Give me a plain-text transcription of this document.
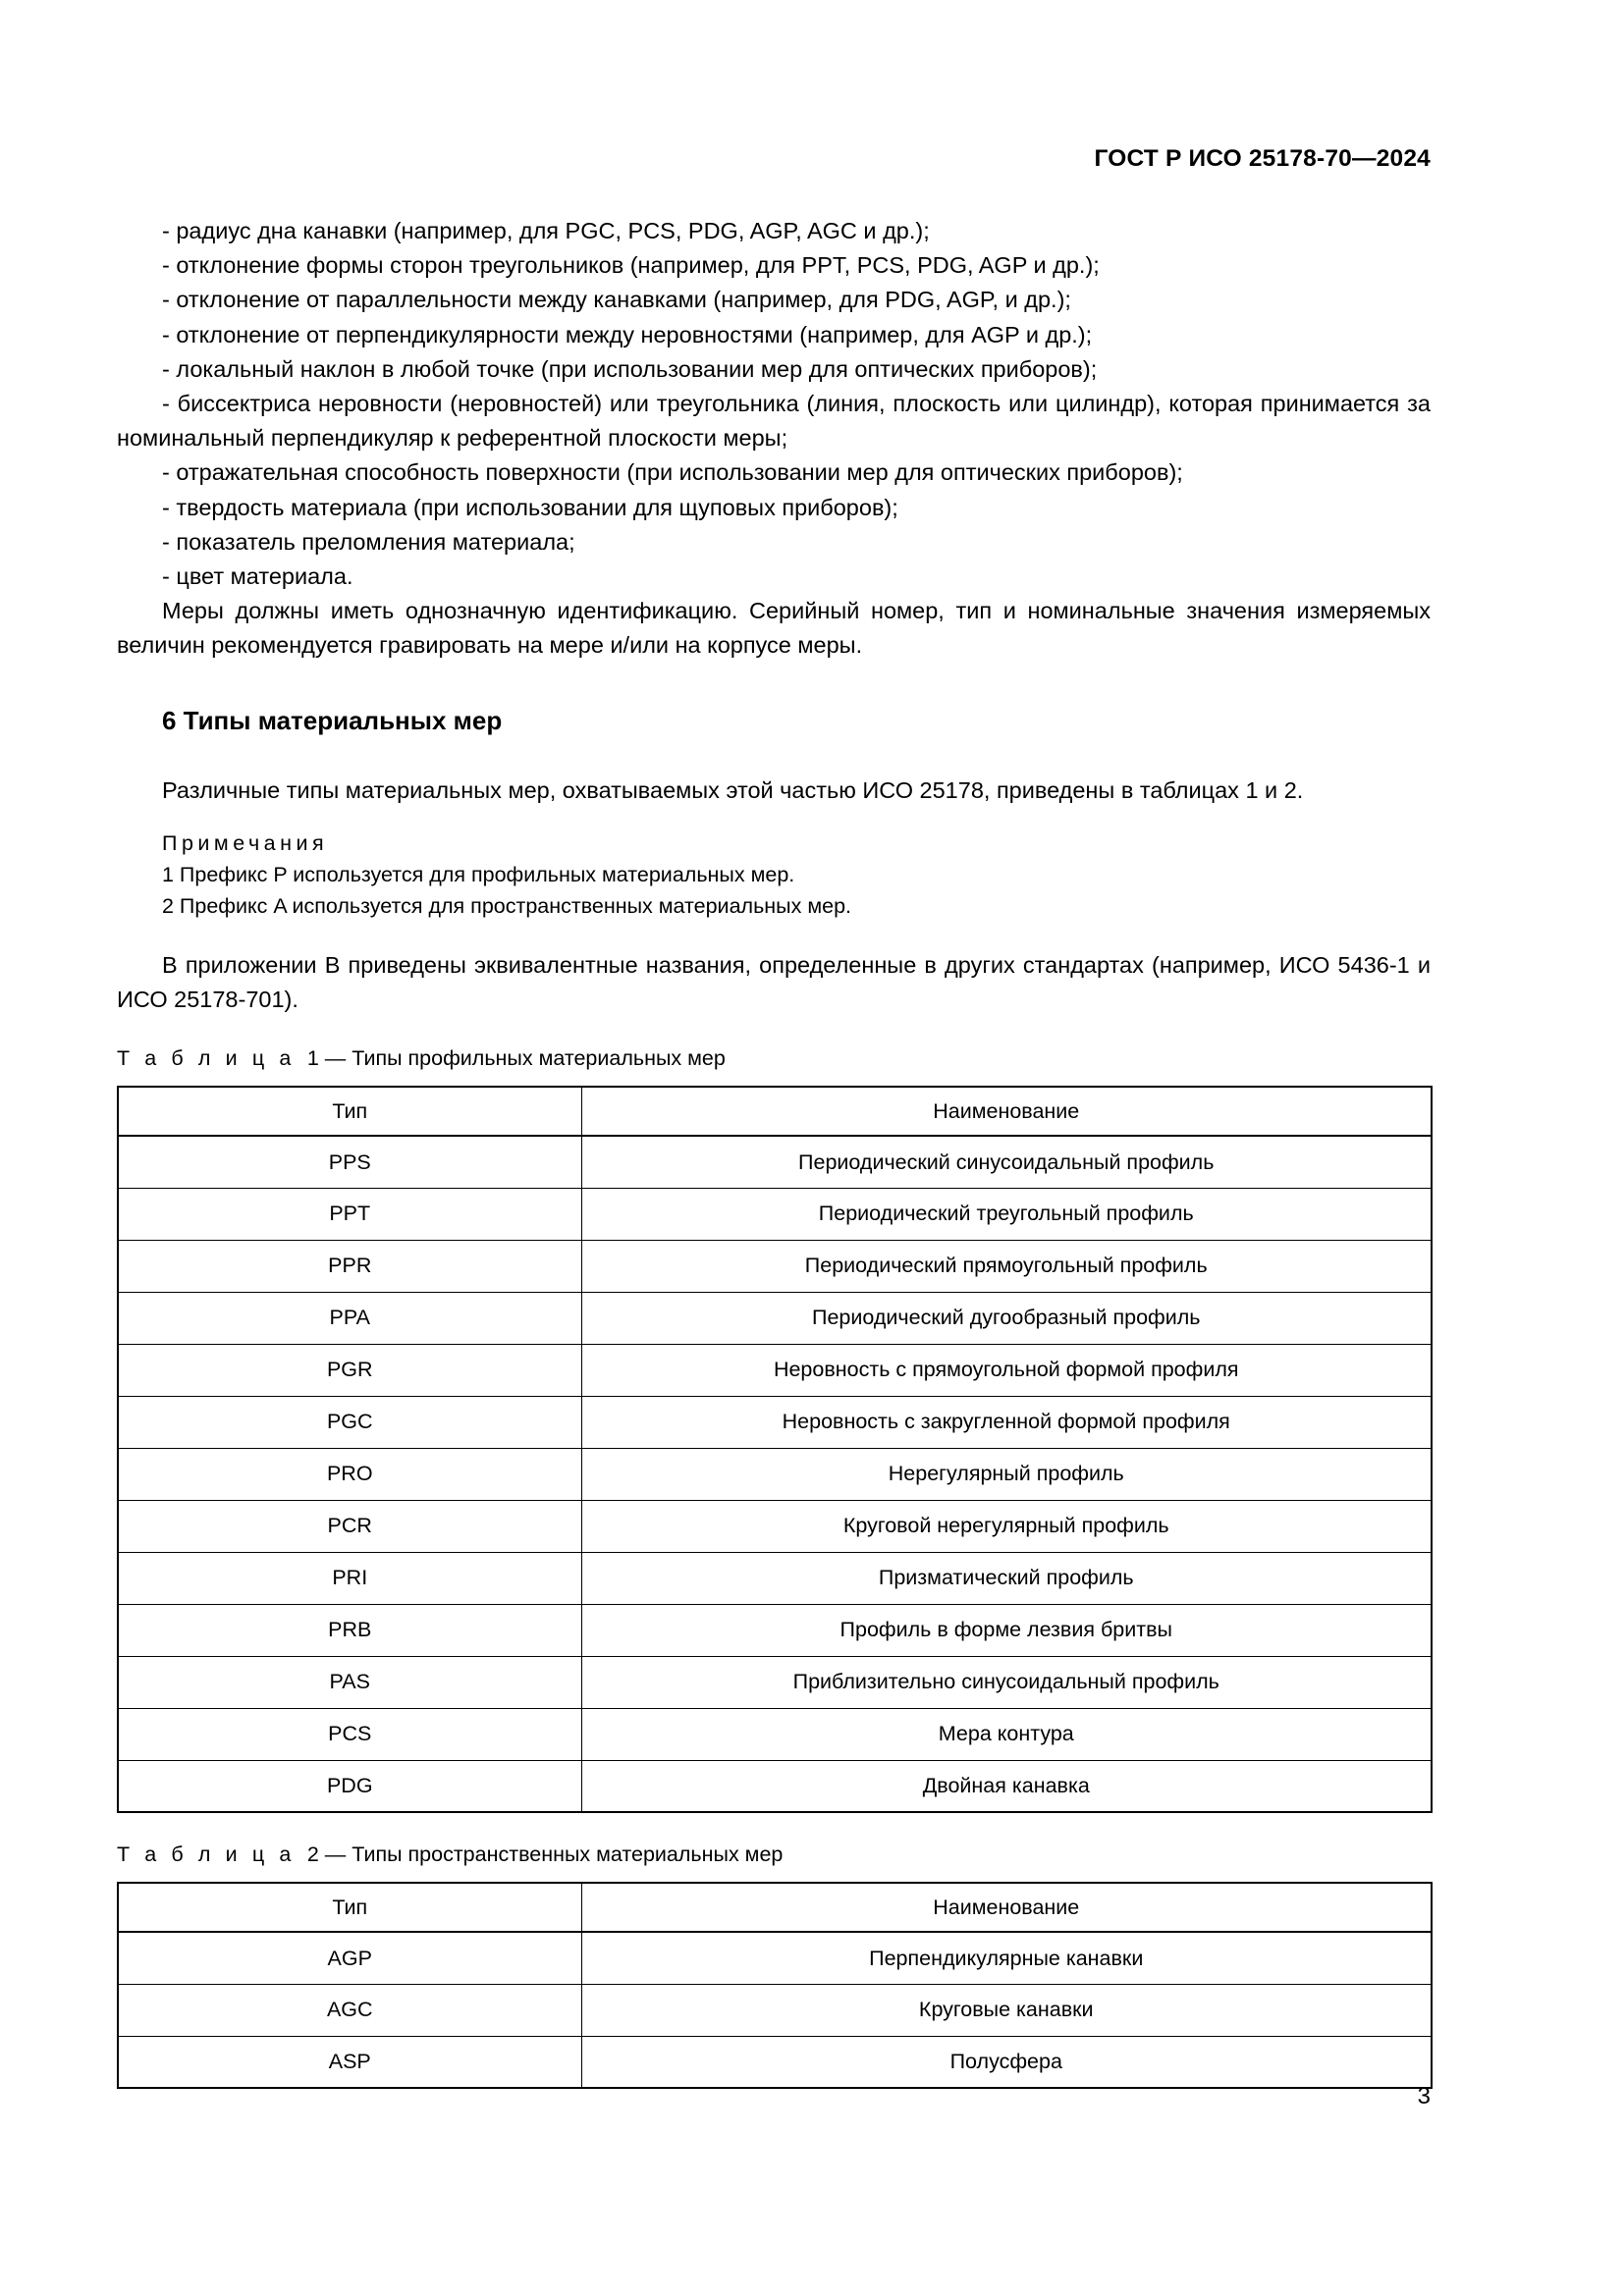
ГОСТ Р ИСО 25178-70—2024

- радиус дна канавки (например, для PGC, PCS, PDG, AGP, AGC и др.);

- отклонение формы сторон треугольников (например, для PPT, PCS, PDG, AGP и др.);

- отклонение от параллельности между канавками (например, для PDG, AGP, и др.);

- отклонение от перпендикулярности между неровностями (например, для AGP и др.);

- локальный наклон в любой точке (при использовании мер для оптических приборов);

- биссектриса неровности (неровностей) или треугольника (линия, плоскость или цилиндр), которая принимается за номинальный перпендикуляр к референтной плоскости меры;

- отражательная способность поверхности (при использовании мер для оптических приборов);

- твердость материала (при использовании для щуповых приборов);

- показатель преломления материала;

- цвет материала.

Меры должны иметь однозначную идентификацию. Серийный номер, тип и номинальные значения измеряемых величин рекомендуется гравировать на мере и/или на корпусе меры.

6 Типы материальных мер

Различные типы материальных мер, охватываемых этой частью ИСО 25178, приведены в таблицах 1 и 2.

Примечания

1 Префикс P используется для профильных материальных мер.

2 Префикс A используется для пространственных материальных мер.

В приложении В приведены эквивалентные названия, определенные в других стандартах (например, ИСО 5436-1 и ИСО 25178-701).

Т а б л и ц а 1 — Типы профильных материальных мер

Тип	Наименование
PPS	Периодический синусоидальный профиль
PPT	Периодический треугольный профиль
PPR	Периодический прямоугольный профиль
PPA	Периодический дугообразный профиль
PGR	Неровность с прямоугольной формой профиля
PGC	Неровность с закругленной формой профиля
PRO	Нерегулярный профиль
PCR	Круговой нерегулярный профиль
PRI	Призматический профиль
PRB	Профиль в форме лезвия бритвы
PAS	Приблизительно синусоидальный профиль
PCS	Мера контура
PDG	Двойная канавка

Т а б л и ц а 2 — Типы пространственных материальных мер

Тип	Наименование
AGP	Перпендикулярные канавки
AGC	Круговые канавки
ASP	Полусфера
3
